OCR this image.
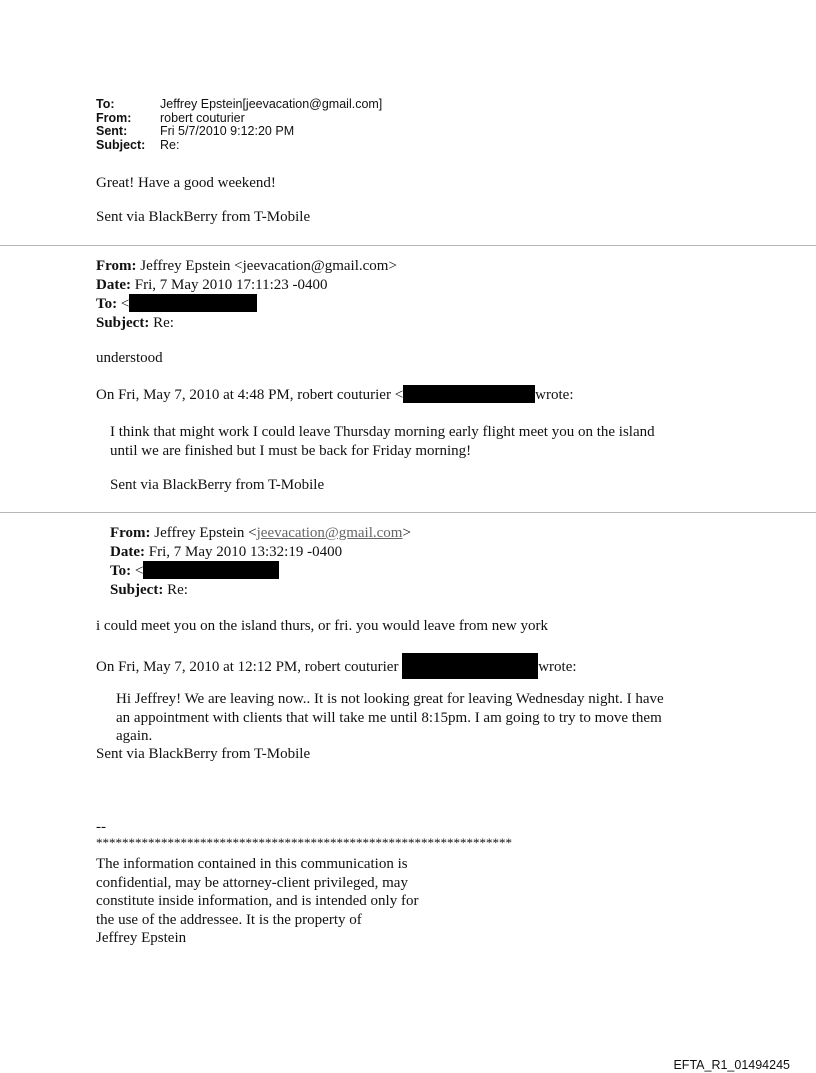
To:	Jeffrey Epstein[jeevacation@gmail.com]
From: robert couturier
Sent:	Fri 5/7/2010 9:12:20 PM
Subject: Re:
Great! Have a good weekend!
Sent via BlackBerry from T-Mobile
From: Jeffrey Epstein <jeevacation@gmail.com>
Date: Fri, 7 May 2010 17:11:23 -0400
To: <
Subject: Re:
understood
On Fri, May 7, 2010 at 4:48 PM, robert couturier <	wrote:
I think that might work I could leave Thursday morning early flight meet you on the island
until we are finished but I must be back for Friday morning!
Sent via BlackBerry from T-Mobile
From: Jeffrey Epstein <jeevacation@gmail.com>
Date: Fri, 7 May 2010 13:32:19 -0400
To: <
Subject: Re:
i could meet you on the island thurs, or fri. you would leave from new york
On Fri, May 7, 2010 at 12:12 PM, robert couturier	wrote:
Hi Jeffrey! We are leaving now.. It is not looking great for leaving Wednesday night. I have
an appointment with clients that will take me until 8:15pm. I am going to try to move them
again.
Sent via BlackBerry from T-Mobile
--
****************************************************************
The information contained in this communication is
confidential, may be attorney-client privileged, may
constitute inside information, and is intended only for
the use of the addressee. It is the property of
Jeffrey Epstein
EFTA_R1_01494245
